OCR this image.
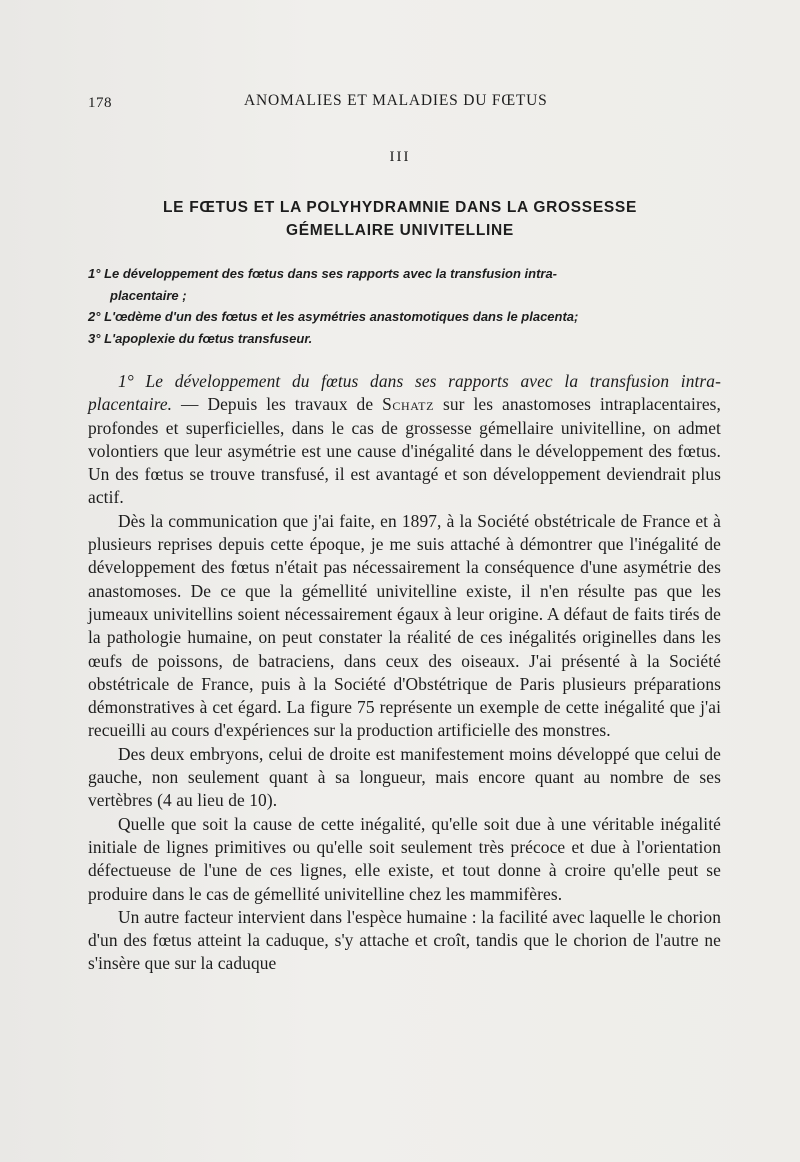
178	ANOMALIES ET MALADIES DU FŒTUS
III
LE FŒTUS ET LA POLYHYDRAMNIE DANS LA GROSSESSE
GÉMELLAIRE UNIVITELLINE

1° Le développement des fœtus dans ses rapports avec la transfusion intra-

placentaire ;

2° L'œdème d'un des fœtus et les asymétries anastomotiques dans le placenta;

3° L'apoplexie du fœtus transfuseur.

1° Le développement du fœtus dans ses rapports avec la transfusion intra-placentaire. — Depuis les travaux de Schatz sur les anastomoses intraplacentaires, profondes et superficielles, dans le cas de grossesse gémellaire univitelline, on admet volontiers que leur asymétrie est une cause d'inégalité dans le développement des fœtus. Un des fœtus se trouve transfusé, il est avantagé et son développement deviendrait plus actif.

Dès la communication que j'ai faite, en 1897, à la Société obstétricale de France et à plusieurs reprises depuis cette époque, je me suis attaché à démontrer que l'inégalité de développement des fœtus n'était pas nécessairement la conséquence d'une asymétrie des anastomoses. De ce que la gémellité univitelline existe, il n'en résulte pas que les jumeaux univitellins soient nécessairement égaux à leur origine. A défaut de faits tirés de la pathologie humaine, on peut constater la réalité de ces inégalités originelles dans les œufs de poissons, de batraciens, dans ceux des oiseaux. J'ai présenté à la Société obstétricale de France, puis à la Société d'Obstétrique de Paris plusieurs préparations démonstratives à cet égard. La figure 75 représente un exemple de cette inégalité que j'ai recueilli au cours d'expériences sur la production artificielle des monstres.

Des deux embryons, celui de droite est manifestement moins développé que celui de gauche, non seulement quant à sa longueur, mais encore quant au nombre de ses vertèbres (4 au lieu de 10).

Quelle que soit la cause de cette inégalité, qu'elle soit due à une véritable inégalité initiale de lignes primitives ou qu'elle soit seulement très précoce et due à l'orientation défectueuse de l'une de ces lignes, elle existe, et tout donne à croire qu'elle peut se produire dans le cas de gémellité univitelline chez les mammifères.

Un autre facteur intervient dans l'espèce humaine : la facilité avec laquelle le chorion d'un des fœtus atteint la caduque, s'y attache et croît, tandis que le chorion de l'autre ne s'insère que sur la caduque
